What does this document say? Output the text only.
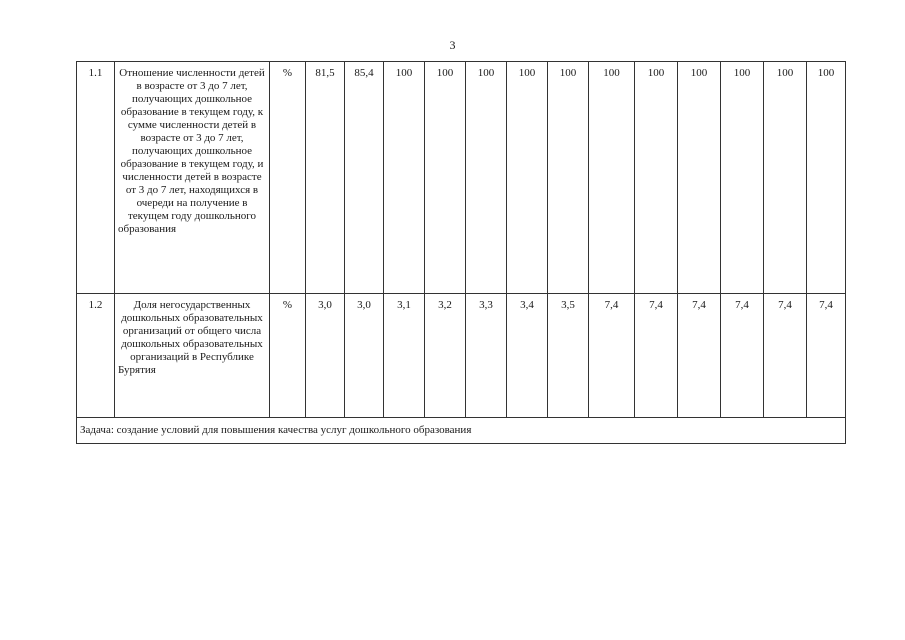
3
1.1	Отношение численности детей в возрасте от 3 до 7 лет, получающих дошкольное образование в текущем году, к сумме численности детей в возрасте от 3 до 7 лет, получающих дошкольное образование в текущем году, и численности детей в возрасте от 3 до 7 лет, находящихся в очереди на получение в текущем году дошкольного образования	%	81,5	85,4	100	100	100	100	100	100	100	100	100	100	100
1.2	Доля негосударственных дошкольных образовательных организаций от общего числа дошкольных образовательных организаций в Республике Бурятия	%	3,0	3,0	3,1	3,2	3,3	3,4	3,5	7,4	7,4	7,4	7,4	7,4	7,4
Задача: создание условий для повышения качества услуг дошкольного образования															
